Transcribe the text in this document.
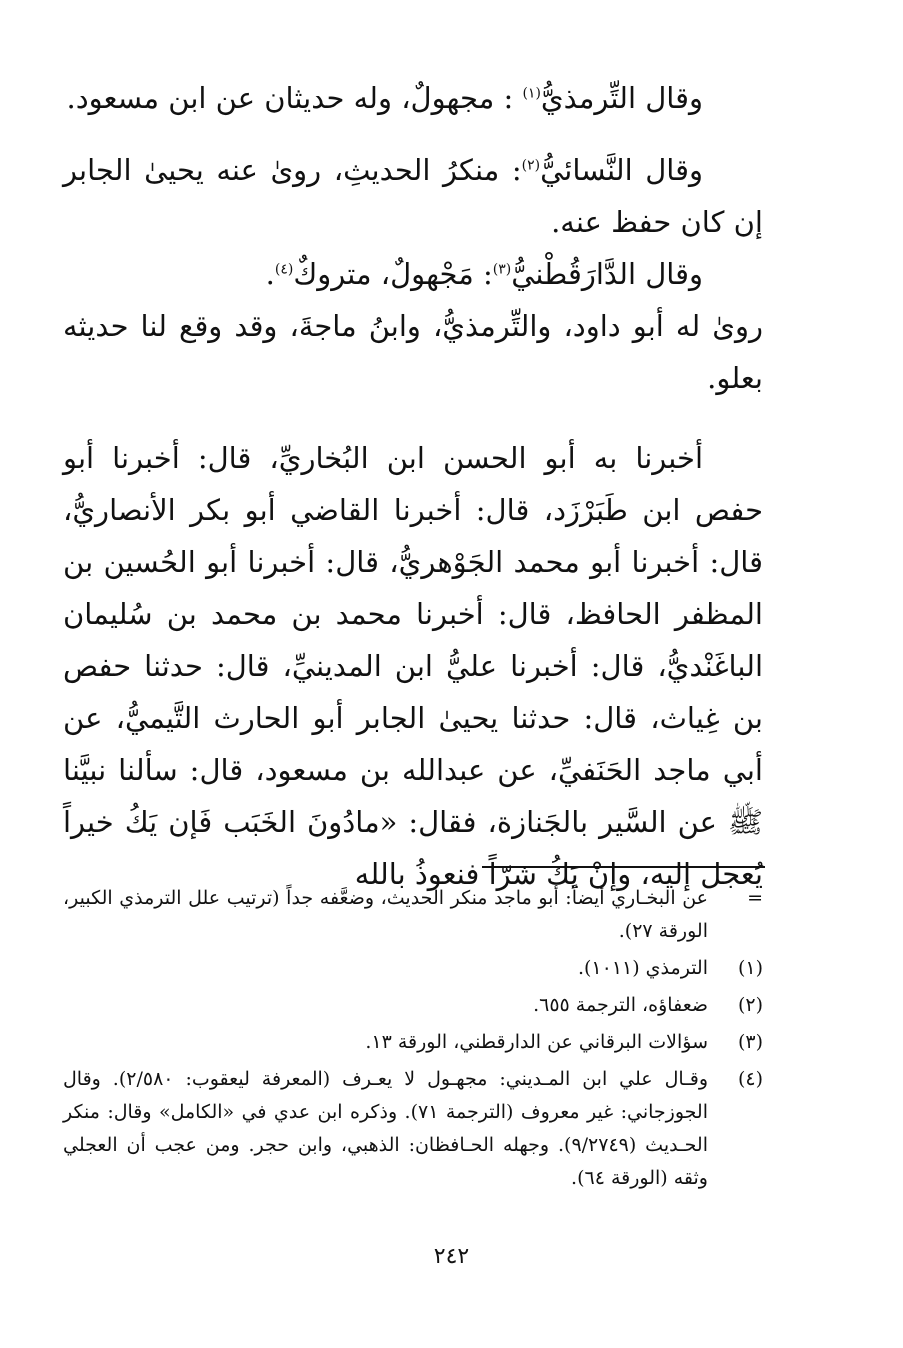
وقال التِّرمذيُّ$^{(١)}$ : مجهولٌ، وله حديثان عن ابن مسعود.

وقال النَّسائيُّ$^{(٢)}$: منكرُ الحديثِ، روىٰ عنه يحيىٰ الجابر إن كان حفظ عنه.

وقال الدَّارَقُطْنيُّ$^{(٣)}$: مَجْهولٌ، متروكٌ$^{(٤)}$.

روىٰ له أبو داود، والتِّرمذيُّ، وابنُ ماجةَ، وقد وقع لنا حديثه بعلو.

أخبرنا به أبو الحسن ابن البُخاريِّ، قال: أخبرنا أبو حفص ابن طَبَرْزَد، قال: أخبرنا القاضي أبو بكر الأنصاريُّ، قال: أخبرنا أبو محمد الجَوْهريُّ، قال: أخبرنا أبو الحُسين بن المظفر الحافظ، قال: أخبرنا محمد بن محمد بن سُليمان الباغَنْديُّ، قال: أخبرنا عليُّ ابن المدينيِّ، قال: حدثنا حفص بن غِياث، قال: حدثنا يحيىٰ الجابر أبو الحارث التَّيميُّ، عن أبي ماجد الحَنَفيِّ، عن عبدالله بن مسعود، قال: سألنا نبيَّنا ﷺ عن السَّير بالجَنازة، فقال: «مادُونَ الخَبَب فَإن يَكُ خيراً يُعجل إليه، وإنْ يَكُ شرّاً فنعوذُ بالله

=
عن البخـاري أيضاً: أبو ماجد منكر الحديث، وضعَّفه جداً (ترتيب علل الترمذي الكبير، الورقة ٢٧).
(١)
الترمذي (١٠١١).
(٢)
ضعفاؤه، الترجمة ٦٥٥.
(٣)
سؤالات البرقاني عن الدارقطني، الورقة ١٣.
(٤)
وقـال علي ابن المـديني: مجهـول لا يعـرف (المعرفة ليعقوب: ٢/٥٨٠). وقال الجوزجاني: غير معروف (الترجمة ٧١). وذكره ابن عدي في «الكامل» وقال: منكر الحـديث (٩/٢٧٤٩). وجهله الحـافظان: الذهبي، وابن حجر. ومن عجب أن العجلي وثقه (الورقة ٦٤).
٢٤٢
